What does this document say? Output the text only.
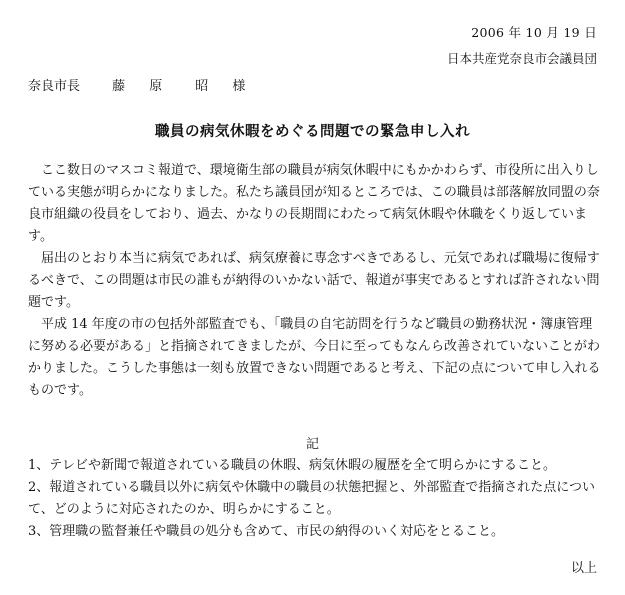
2006 年 10 月 19 日
日本共産党奈良市会議員団
奈良市長 藤 原　昭 様
職員の病気休暇をめぐる問題での緊急申し入れ

ここ数日のマスコミ報道で、環境衛生部の職員が病気休暇中にもかかわらず、市役所に出入りしている実態が明らかになりました。私たち議員団が知るところでは、この職員は部落解放同盟の奈良市組織の役員をしており、過去、かなりの長期間にわたって病気休暇や休職をくり返しています。

届出のとおり本当に病気であれば、病気療養に専念すべきであるし、元気であれば職場に復帰するべきで、この問題は市民の誰もが納得のいかない話で、報道が事実であるとすれば許されない問題です。

平成 14 年度の市の包括外部監査でも、「職員の自宅訪問を行うなど職員の勤務状況・簿康管理に努める必要がある」と指摘されてきましたが、今日に至ってもなんら改善されていないことがわかりました。こうした事態は一刻も放置できない問題であると考え、下記の点について申し入れるものです。

記

1、テレビや新聞で報道されている職員の休暇、病気休暇の履歴を全て明らかにすること。

2、報道されている職員以外に病気や休職中の職員の状態把握と、外部監査で指摘された点について、どのように対応されたのか、明らかにすること。

3、管理職の監督兼任や職員の処分も含めて、市民の納得のいく対応をとること。

以上
